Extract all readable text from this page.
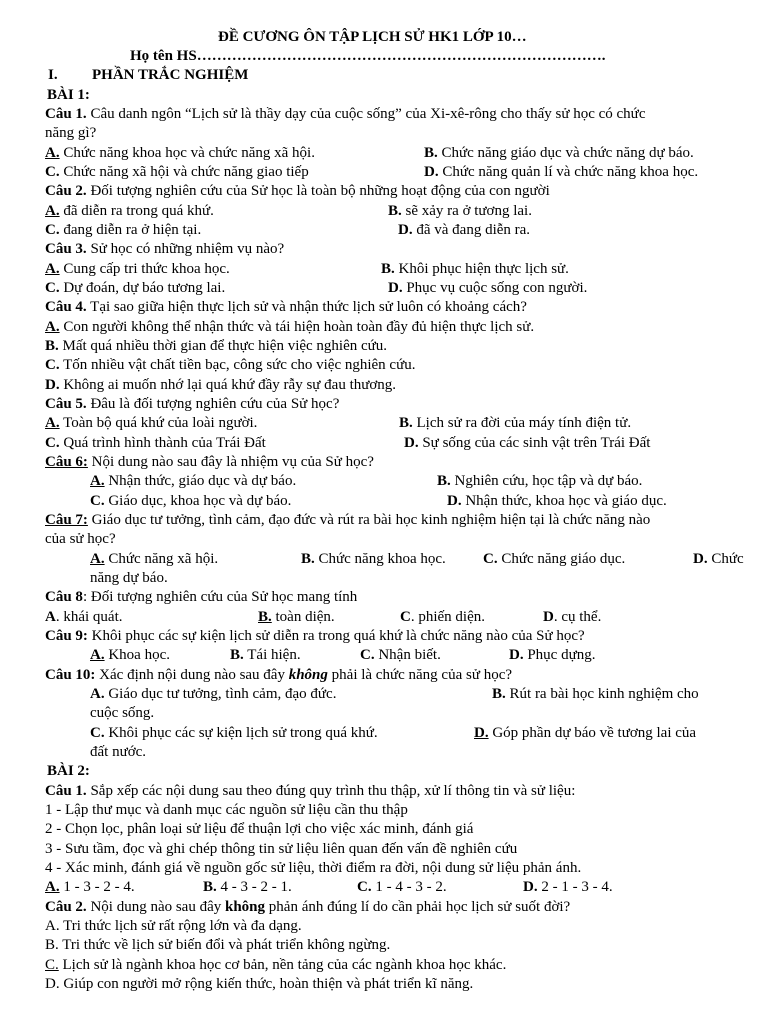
ĐỀ CƯƠNG ÔN TẬP LỊCH SỬ HK1 LỚP 10…
Họ tên HS……………………………………………………………………….
I. PHẦN TRẮC NGHIỆM
BÀI 1:
Câu 1. Câu danh ngôn “Lịch sử là thầy dạy của cuộc sống” của Xi-xê-rông cho thấy sử học có chức
năng gì?
A. Chức năng khoa học và chức năng xã hội.	B. Chức năng giáo dục và chức năng dự báo.
C. Chức năng xã hội và chức năng giao tiếp	D. Chức năng quản lí và chức năng khoa học.
Câu 2. Đối tượng nghiên cứu của Sử học là toàn bộ những hoạt động của con người
A. đã diễn ra trong quá khứ.	B. sẽ xảy ra ở tương lai.
C. đang diễn ra ở hiện tại.	D. đã và đang diễn ra.
Câu 3. Sử học có những nhiệm vụ nào?
A. Cung cấp tri thức khoa học.	B. Khôi phục hiện thực lịch sử.
C. Dự đoán, dự báo tương lai.	D. Phục vụ cuộc sống con người.
Câu 4. Tại sao giữa hiện thực lịch sử và nhận thức lịch sử luôn có khoảng cách?
A. Con người không thể nhận thức và tái hiện hoàn toàn đầy đủ hiện thực lịch sử.
B. Mất quá nhiều thời gian để thực hiện việc nghiên cứu.
C. Tốn nhiều vật chất tiền bạc, công sức cho việc nghiên cứu.
D. Không ai muốn nhớ lại quá khứ đầy rẫy sự đau thương.
Câu 5. Đâu là đối tượng nghiên cứu của Sử học?
A. Toàn bộ quá khứ của loài người.	B. Lịch sử ra đời của máy tính điện tử.
C. Quá trình hình thành của Trái Đất	D. Sự sống của các sinh vật trên Trái Đất
Câu 6: Nội dung nào sau đây là nhiệm vụ của Sử học?
A. Nhận thức, giáo dục và dự báo.	B. Nghiên cứu, học tập và dự báo.
C. Giáo dục, khoa học và dự báo.	D. Nhận thức, khoa học và giáo dục.
Câu 7: Giáo dục tư tưởng, tình cảm, đạo đức và rút ra bài học kinh nghiệm hiện tại là chức năng nào
của sử học?
A. Chức năng xã hội.	B. Chức năng khoa học. C. Chức năng giáo dục.	D. Chức
năng dự báo.
Câu 8: Đối tượng nghiên cứu của Sử học mang tính
A. khái quát.	B. toàn diện.	C. phiến diện.	D. cụ thể.
Câu 9: Khôi phục các sự kiện lịch sử diễn ra trong quá khứ là chức năng nào của Sử học?
A. Khoa học.	B. Tái hiện.	C. Nhận biết.	D. Phục dựng.
Câu 10: Xác định nội dung nào sau đây không phải là chức năng của sử học?
A. Giáo dục tư tưởng, tình cảm, đạo đức.	B. Rút ra bài học kinh nghiệm cho
cuộc sống.
C. Khôi phục các sự kiện lịch sử trong quá khứ.	D. Góp phần dự báo về tương lai của
đất nước.
BÀI 2:
Câu 1. Sắp xếp các nội dung sau theo đúng quy trình thu thập, xử lí thông tin và sử liệu:
1 - Lập thư mục và danh mục các nguồn sử liệu cần thu thập
2 - Chọn lọc, phân loại sử liệu để thuận lợi cho việc xác minh, đánh giá
3 - Sưu tầm, đọc và ghi chép thông tin sử liệu liên quan đến vấn đề nghiên cứu
4 - Xác minh, đánh giá về nguồn gốc sử liệu, thời điểm ra đời, nội dung sử liệu phản ánh.
A. 1 - 3 - 2 - 4.	B. 4 - 3 - 2 - 1.	C. 1 - 4 - 3 - 2.	D. 2 - 1 - 3 - 4.
Câu 2. Nội dung nào sau đây không phản ánh đúng lí do cần phải học lịch sử suốt đời?
A. Tri thức lịch sử rất rộng lớn và đa dạng.
B. Tri thức về lịch sử biến đổi và phát triển không ngừng.
C. Lịch sử là ngành khoa học cơ bản, nền tảng của các ngành khoa học khác.
D. Giúp con người mở rộng kiến thức, hoàn thiện và phát triển kĩ năng.
